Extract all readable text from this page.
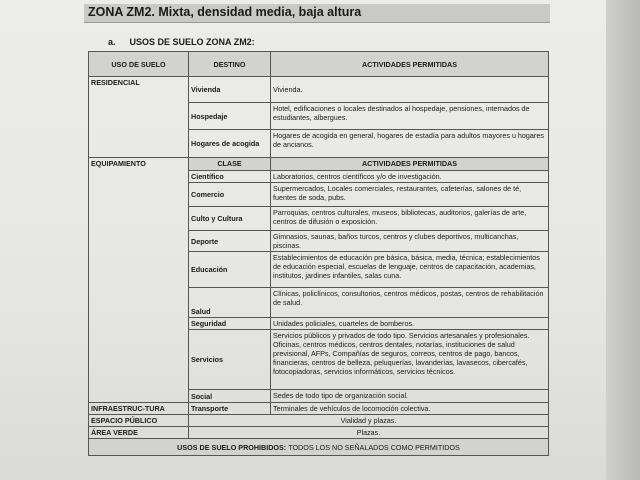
ZONA ZM2. Mixta, densidad media, baja altura
a. USOS DE SUELO ZONA ZM2:
USO DE SUELO	DESTINO	ACTIVIDADES PERMITIDAS
RESIDENCIAL	Vivienda	Vivienda.
	Hospedaje	Hotel, edificaciones o locales destinados al hospedaje, pensiones, internados de estudiantes, albergues.
	Hogares de acogida	Hogares de acogida en general, hogares de estadía para adultos mayores u hogares de ancianos.
EQUIPAMIENTO	CLASE	ACTIVIDADES PERMITIDAS
	Científico	Laboratorios, centros científicos y/o de investigación.
	Comercio	Supermercados, Locales comerciales, restaurantes, cafeterías, salones de té, fuentes de soda, pubs.
	Culto y Cultura	Parroquias, centros culturales, museos, bibliotecas, auditorios, galerías de arte, centros de difusión o exposición.
	Deporte	Gimnasios, saunas, baños turcos, centros y clubes deportivos, multicanchas, piscinas.
	Educación	Establecimientos de educación pre básica, básica, media, técnica; establecimientos de educación especial, escuelas de lenguaje, centros de capacitación, academias, institutos, jardines infantiles, salas cuna.
	Salud	Clínicas, policlínicos, consultorios, centros médicos, postas, centros de rehabilitación de salud.
	Seguridad	Unidades policiales, cuarteles de bomberos.
	Servicios	Servicios públicos y privados de todo tipo. Servicios artesanales y profesionales. Oficinas, centros médicos, centros dentales, notarías, instituciones de salud previsional, AFPs, Compañías de seguros, correos, centros de pago, bancos, financieras, centros de belleza, peluquerías, lavanderías, lavasecos, cibercafés, fotocopiadoras, servicios informáticos, servicios técnicos.
	Social	Sedes de todo tipo de organización social.
INFRAESTRUC-TURA	Transporte	Terminales de vehículos de locomoción colectiva.
ESPACIO PÚBLICO	Vialidad y plazas.	
ÁREA VERDE	Plazas.	
USOS DE SUELO PROHIBIDOS: TODOS LOS NO SEÑALADOS COMO PERMITIDOS		
